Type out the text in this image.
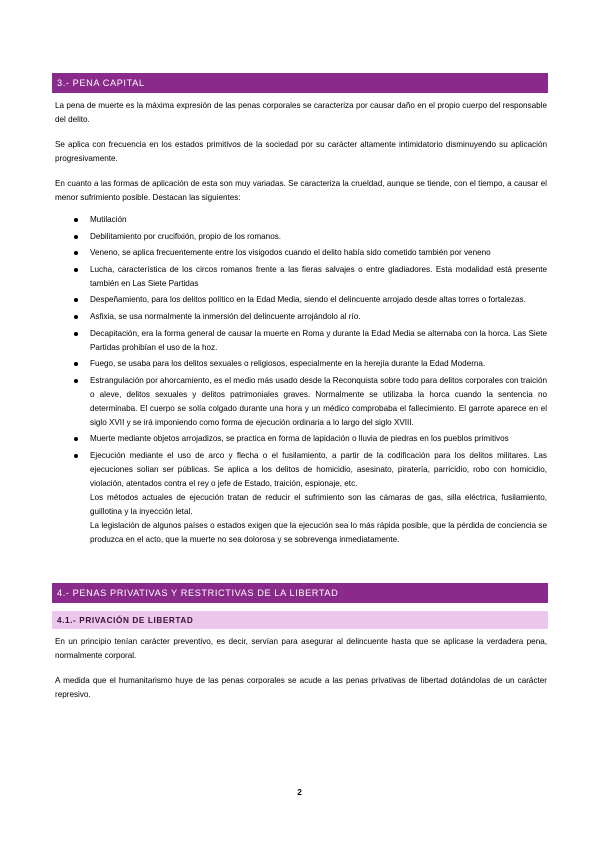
3.- PENA CAPITAL

La pena de muerte es la máxima expresión de las penas corporales se caracteriza por causar daño en el propio cuerpo del responsable del delito.

Se aplica con frecuencia en los estados primitivos de la sociedad por su carácter altamente intimidatorio disminuyendo su aplicación progresivamente.

En cuanto a las formas de aplicación de esta son muy variadas. Se caracteriza la crueldad, aunque se tiende, con el tiempo, a causar el menor sufrimiento posible. Destacan las siguientes:

Mutilación
Debilitamiento por crucifixión, propio de los romanos.
Veneno, se aplica frecuentemente entre los visigodos cuando el delito había sido cometido también por veneno
Lucha, característica de los circos romanos frente a las fieras salvajes o entre gladiadores. Esta modalidad está presente también en Las Siete Partidas
Despeñamiento, para los delitos político en la Edad Media, siendo el delincuente arrojado desde altas torres o fortalezas.
Asfixia, se usa normalmente la inmersión del delincuente arrojándolo al río.
Decapitación, era la forma general de causar la muerte en Roma y durante la Edad Media se alternaba con la horca. Las Siete Partidas prohibían el uso de la hoz.
Fuego, se usaba para los delitos sexuales o religiosos, especialmente en la herejía durante la Edad Moderna.
Estrangulación por ahorcamiento, es el medio más usado desde la Reconquista sobre todo para delitos corporales con traición o aleve, delitos sexuales y delitos patrimoniales graves. Normalmente se utilizaba la horca cuando la sentencia no determinaba. El cuerpo se solía colgado durante una hora y un médico comprobaba el fallecimiento. El garrote aparece en el siglo XVII y se irá imponiendo como forma de ejecución ordinaria a lo largo del siglo XVIII.
Muerte mediante objetos arrojadizos, se practica en forma de lapidación o lluvia de piedras en los pueblos primitivos
Ejecución mediante el uso de arco y flecha o el fusilamiento, a partir de la codificación para los delitos militares. Las ejecuciones solían ser públicas. Se aplica a los delitos de homicidio, asesinato, piratería, parricidio, robo con homicidio, violación, atentados contra el rey o jefe de Estado, traición, espionaje, etc.
Los métodos actuales de ejecución tratan de reducir el sufrimiento son las cámaras de gas, silla eléctrica, fusilamiento, guillotina y la inyección letal.
La legislación de algunos países o estados exigen que la ejecución sea lo más rápida posible, que la pérdida de conciencia se produzca en el acto, que la muerte no sea dolorosa y se sobrevenga inmediatamente.
4.- PENAS PRIVATIVAS Y RESTRICTIVAS DE LA LIBERTAD
4.1.- PRIVACIÓN DE LIBERTAD

En un principio tenían carácter preventivo, es decir, servían para asegurar al delincuente hasta que se aplicase la verdadera pena, normalmente corporal.

A medida que el humanitarismo huye de las penas corporales se acude a las penas privativas de libertad dotándolas de un carácter represivo.

2
